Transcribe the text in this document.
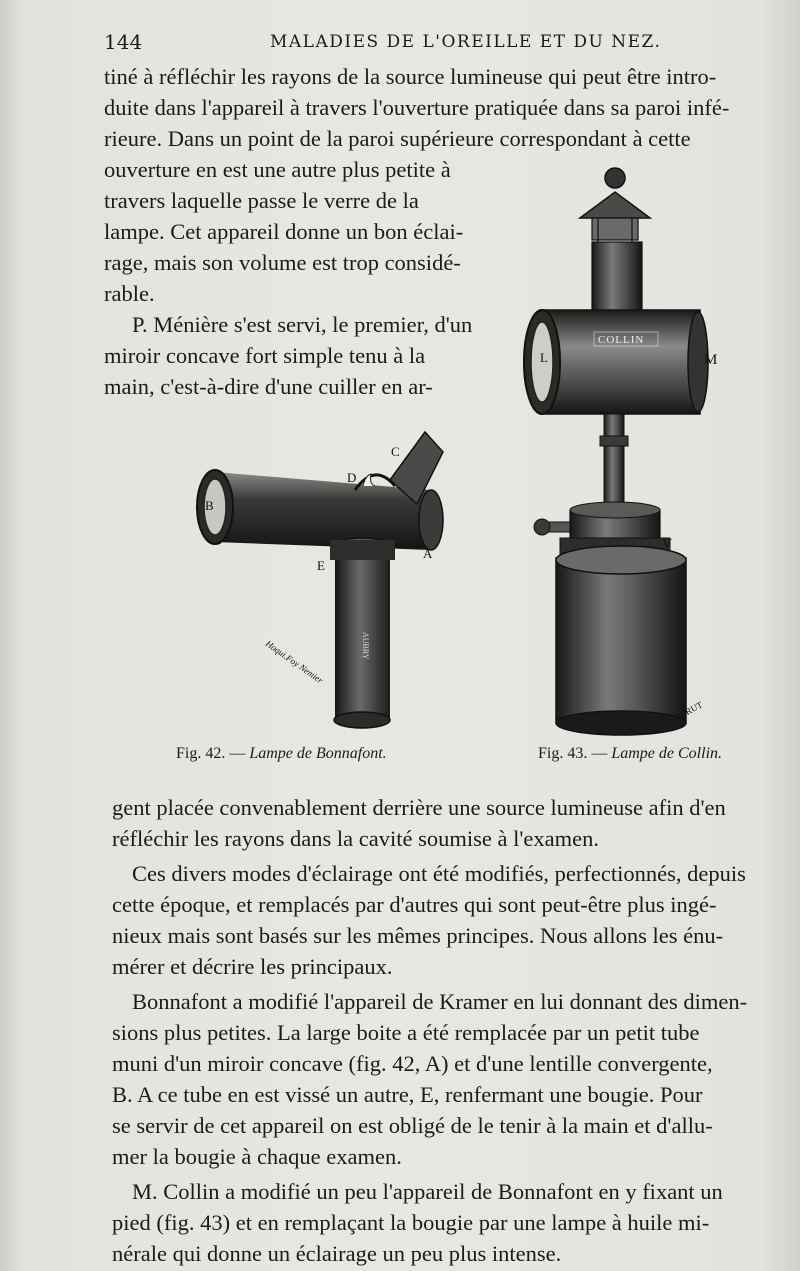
144	MALADIES DE L'OREILLE ET DU NEZ.
tiné à réfléchir les rayons de la source lumineuse qui peut être intro-
duite dans l'appareil à travers l'ouverture pratiquée dans sa paroi infé-
rieure. Dans un point de la paroi supérieure correspondant à cette
ouverture en est une autre plus petite à
travers laquelle passe le verre de la
lampe. Cet appareil donne un bon éclai-
rage, mais son volume est trop considé-
rable.
P. Ménière s'est servi, le premier, d'un
miroir concave fort simple tenu à la
main, c'est-à-dire d'une cuiller en ar-
B
A
C
D
E
AUBRY
Hoqui.Foy Nemier
COLLIN
L	M
V
PERUT
Fig. 42. — Lampe de Bonnafont.	Fig. 43. — Lampe de Collin.
gent placée convenablement derrière une source lumineuse afin d'en
réfléchir les rayons dans la cavité soumise à l'examen.
Ces divers modes d'éclairage ont été modifiés, perfectionnés, depuis
cette époque, et remplacés par d'autres qui sont peut-être plus ingé-
nieux mais sont basés sur les mêmes principes. Nous allons les énu-
mérer et décrire les principaux.
Bonnafont a modifié l'appareil de Kramer en lui donnant des dimen-
sions plus petites. La large boite a été remplacée par un petit tube
muni d'un miroir concave (fig. 42, A) et d'une lentille convergente,
B. A ce tube en est vissé un autre, E, renfermant une bougie. Pour
se servir de cet appareil on est obligé de le tenir à la main et d'allu-
mer la bougie à chaque examen.
M. Collin a modifié un peu l'appareil de Bonnafont en y fixant un
pied (fig. 43) et en remplaçant la bougie par une lampe à huile mi-
nérale qui donne un éclairage un peu plus intense.
